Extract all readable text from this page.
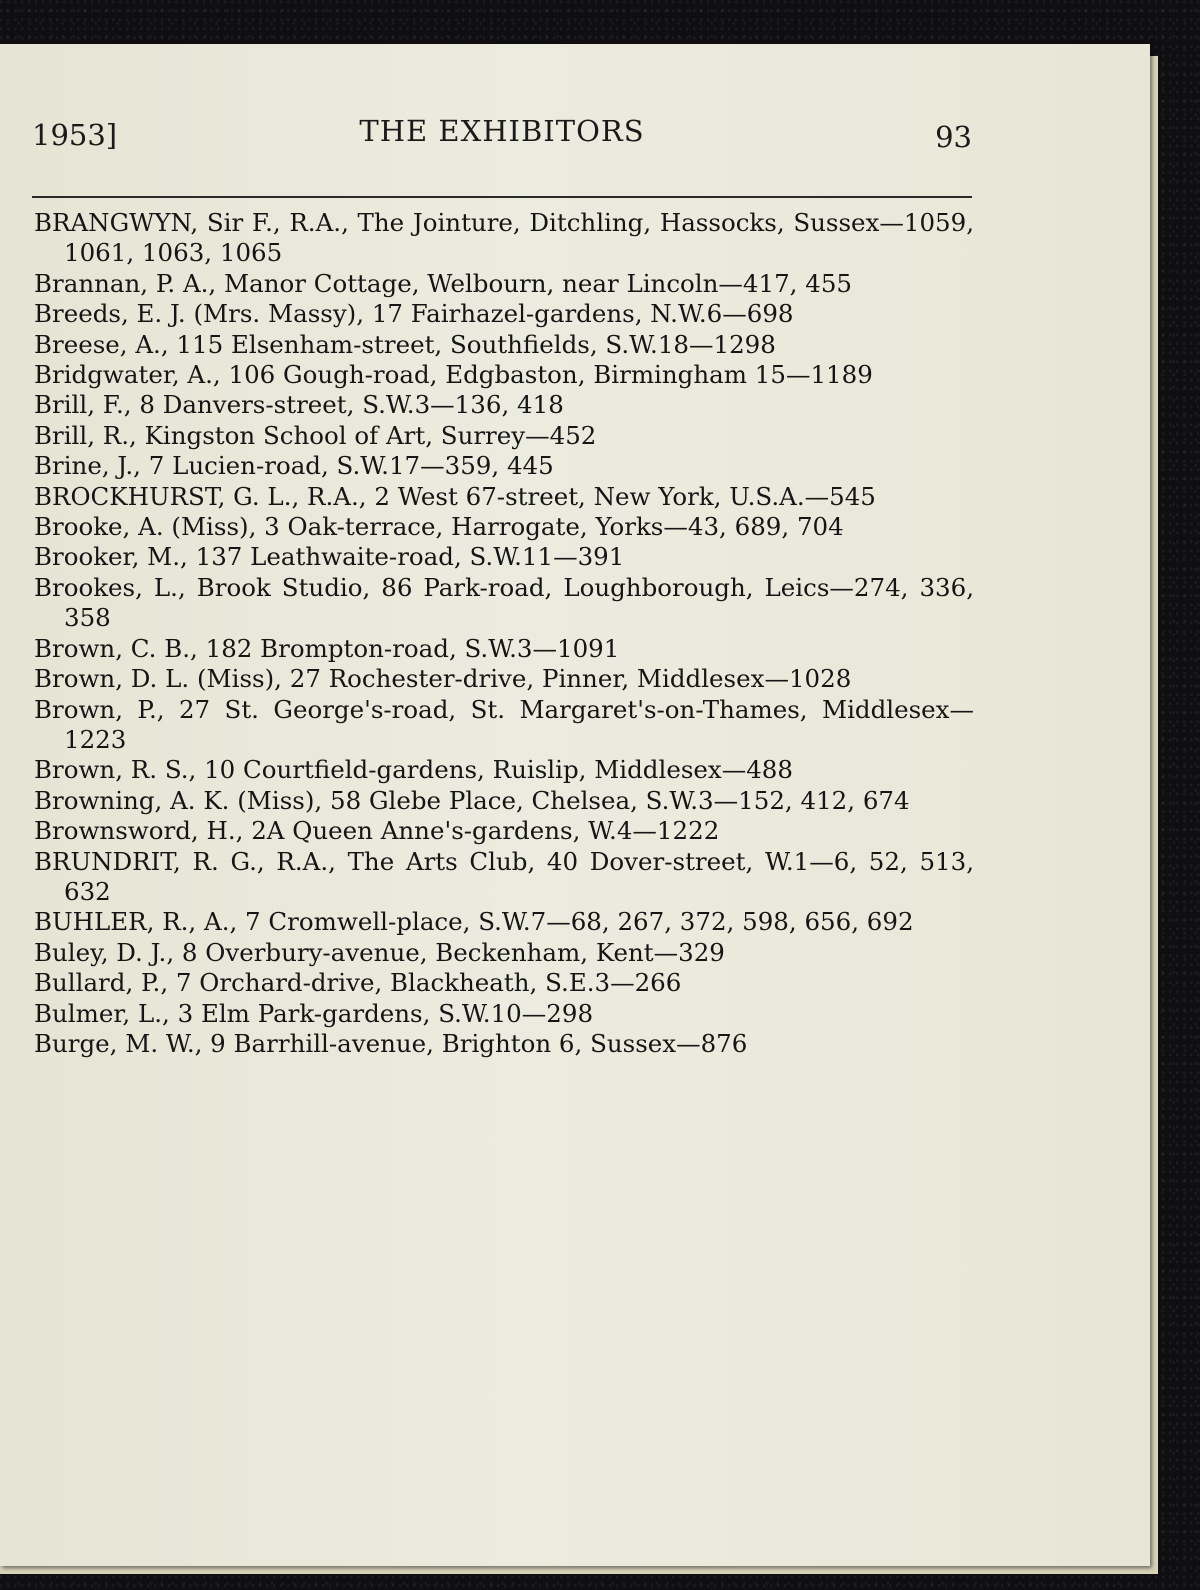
1953]	THE EXHIBITORS	93
BRANGWYN, Sir F., R.A., The Jointure, Ditchling, Hassocks, Sussex—1059, 1061, 1063, 1065
Brannan, P. A., Manor Cottage, Welbourn, near Lincoln—417, 455
Breeds, E. J. (Mrs. Massy), 17 Fairhazel-gardens, N.W.6—698
Breese, A., 115 Elsenham-street, Southfields, S.W.18—1298
Bridgwater, A., 106 Gough-road, Edgbaston, Birmingham 15—1189
Brill, F., 8 Danvers-street, S.W.3—136, 418
Brill, R., Kingston School of Art, Surrey—452
Brine, J., 7 Lucien-road, S.W.17—359, 445
BROCKHURST, G. L., R.A., 2 West 67-street, New York, U.S.A.—545
Brooke, A. (Miss), 3 Oak-terrace, Harrogate, Yorks—43, 689, 704
Brooker, M., 137 Leathwaite-road, S.W.11—391
Brookes, L., Brook Studio, 86 Park-road, Loughborough, Leics—274, 336, 358
Brown, C. B., 182 Brompton-road, S.W.3—1091
Brown, D. L. (Miss), 27 Rochester-drive, Pinner, Middlesex—1028
Brown, P., 27 St. George's-road, St. Margaret's-on-Thames, Middlesex—1223
Brown, R. S., 10 Courtfield-gardens, Ruislip, Middlesex—488
Browning, A. K. (Miss), 58 Glebe Place, Chelsea, S.W.3—152, 412, 674
Brownsword, H., 2A Queen Anne's-gardens, W.4—1222
BRUNDRIT, R. G., R.A., The Arts Club, 40 Dover-street, W.1—6, 52, 513, 632
BUHLER, R., A., 7 Cromwell-place, S.W.7—68, 267, 372, 598, 656, 692
Buley, D. J., 8 Overbury-avenue, Beckenham, Kent—329
Bullard, P., 7 Orchard-drive, Blackheath, S.E.3—266
Bulmer, L., 3 Elm Park-gardens, S.W.10—298
Burge, M. W., 9 Barrhill-avenue, Brighton 6, Sussex—876
